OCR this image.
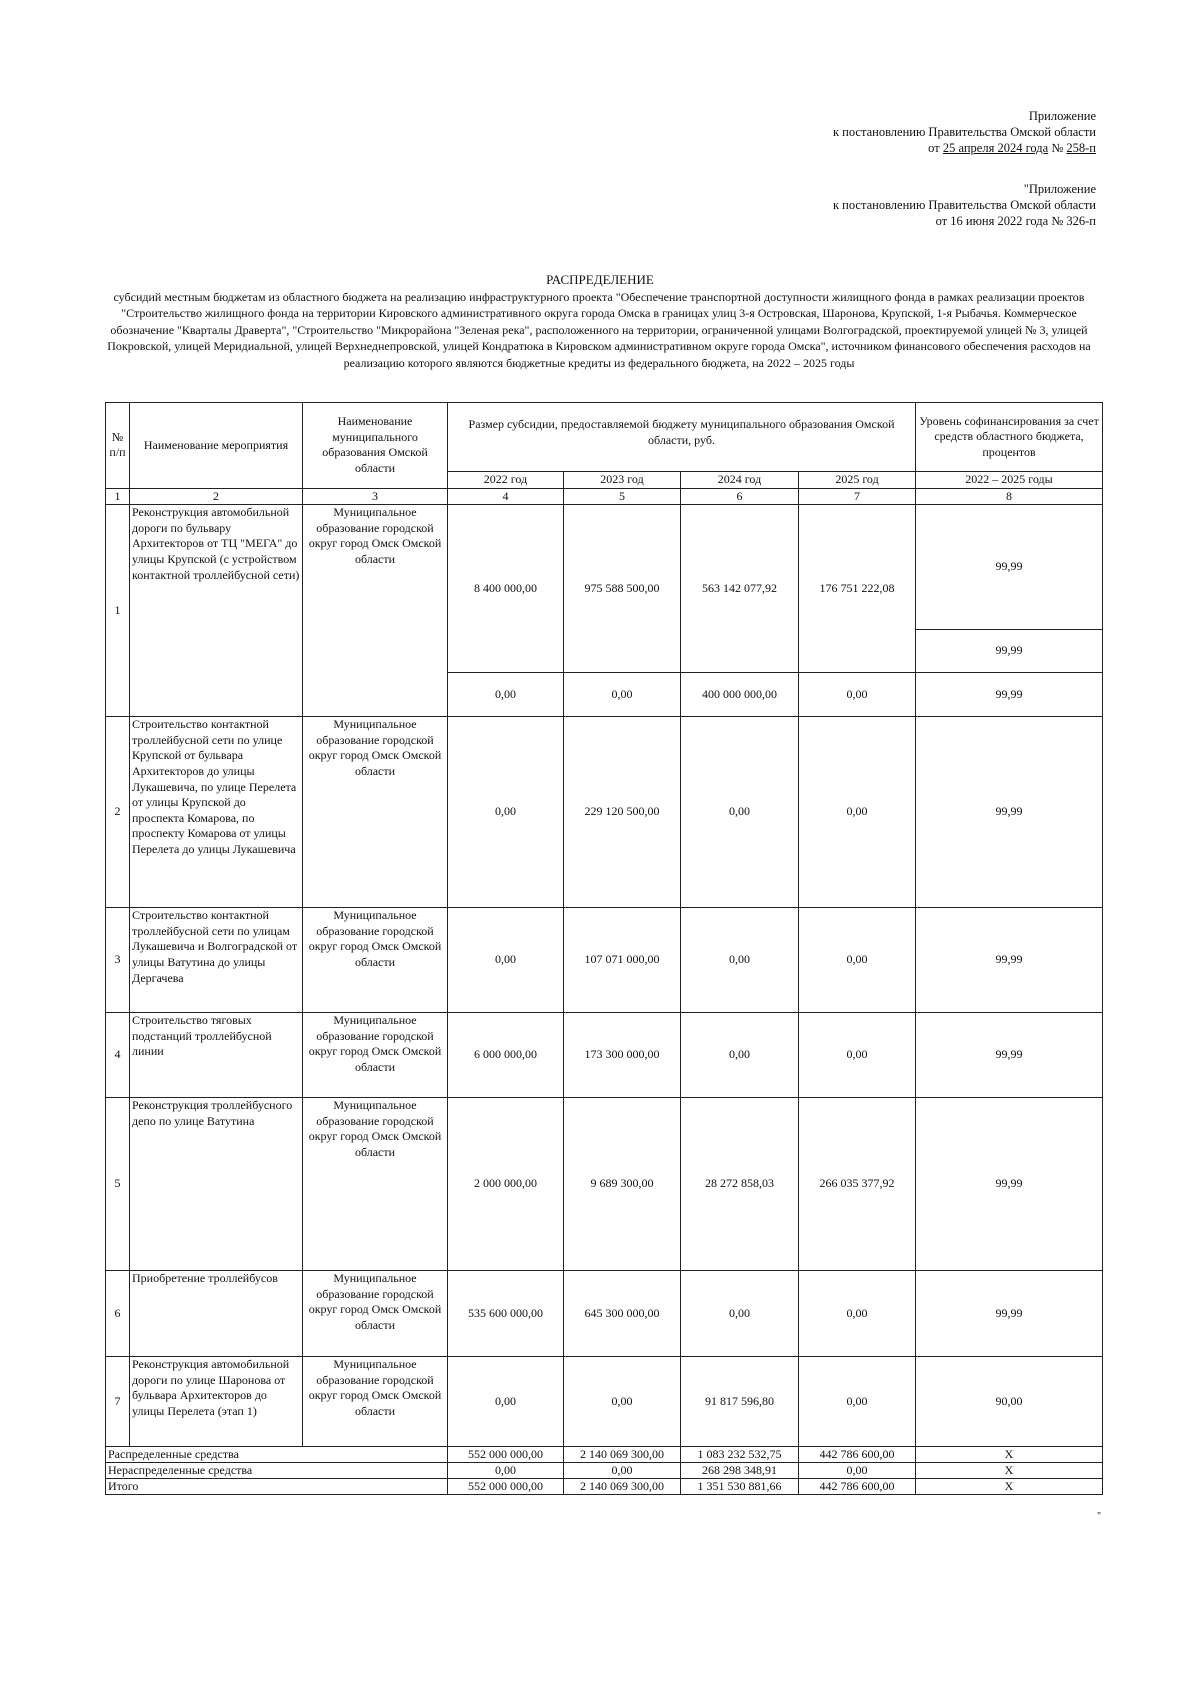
Приложение
к постановлению Правительства Омской области
от 25 апреля 2024 года № 258-п
"Приложение
к постановлению Правительства Омской области
от 16 июня 2022 года № 326-п
РАСПРЕДЕЛЕНИЕ
субсидий местным бюджетам из областного бюджета на реализацию инфраструктурного проекта "Обеспечение транспортной доступности жилищного фонда в рамках реализации проектов "Строительство жилищного фонда на территории Кировского административного округа города Омска в границах улиц 3-я Островская, Шаронова, Крупской, 1-я Рыбачья. Коммерческое обозначение "Кварталы Драверта", "Строительство "Микрорайона "Зеленая река", расположенного на территории, ограниченной улицами Волгоградской, проектируемой улицей № 3, улицей Покровской, улицей Меридиальной, улицей Верхнеднепровской, улицей Кондратюка в Кировском административном округе города Омска", источником финансового обеспечения расходов на реализацию которого являются бюджетные кредиты из федерального бюджета, на 2022 – 2025 годы
№ п/п	Наименование мероприятия	Наименование муниципального образования Омской области	Размер субсидии, предоставляемой бюджету муниципального образования Омской области, руб.				Уровень софинансирования за счет средств областного бюджета, процентов
			2022 год	2023 год	2024 год	2025 год	2022 – 2025 годы
1	2	3	4	5	6	7	8
1	Реконструкция автомобильной дороги по бульвару Архитекторов от ТЦ "МЕГА" до улицы Крупской (с устройством контактной троллейбусной сети)	Муниципальное образование городской округ город Омск Омской области	8 400 000,00	975 588 500,00	563 142 077,92	176 751 222,08	99,99
							99,99
			0,00	0,00	400 000 000,00	0,00	99,99
2	Строительство контактной троллейбусной сети по улице Крупской от бульвара Архитекторов до улицы Лукашевича, по улице Перелета от улицы Крупской до проспекта Комарова, по проспекту Комарова от улицы Перелета до улицы Лукашевича	Муниципальное образование городской округ город Омск Омской области	0,00	229 120 500,00	0,00	0,00	99,99
3	Строительство контактной троллейбусной сети по улицам Лукашевича и Волгоградской от улицы Ватутина до улицы Дергачева	Муниципальное образование городской округ город Омск Омской области	0,00	107 071 000,00	0,00	0,00	99,99
4	Строительство тяговых подстанций троллейбусной линии	Муниципальное образование городской округ город Омск Омской области	6 000 000,00	173 300 000,00	0,00	0,00	99,99
5	Реконструкция троллейбусного депо по улице Ватутина	Муниципальное образование городской округ город Омск Омской области	2 000 000,00	9 689 300,00	28 272 858,03	266 035 377,92	99,99
6	Приобретение троллейбусов	Муниципальное образование городской округ город Омск Омской области	535 600 000,00	645 300 000,00	0,00	0,00	99,99
7	Реконструкция автомобильной дороги по улице Шаронова от бульвара Архитекторов до улицы Перелета (этап 1)	Муниципальное образование городской округ город Омск Омской области	0,00	0,00	91 817 596,80	0,00	90,00
Распределенные средства			552 000 000,00	2 140 069 300,00	1 083 232 532,75	442 786 600,00	X
Нераспределенные средства			0,00	0,00	268 298 348,91	0,00	X
Итого			552 000 000,00	2 140 069 300,00	1 351 530 881,66	442 786 600,00	X
"
